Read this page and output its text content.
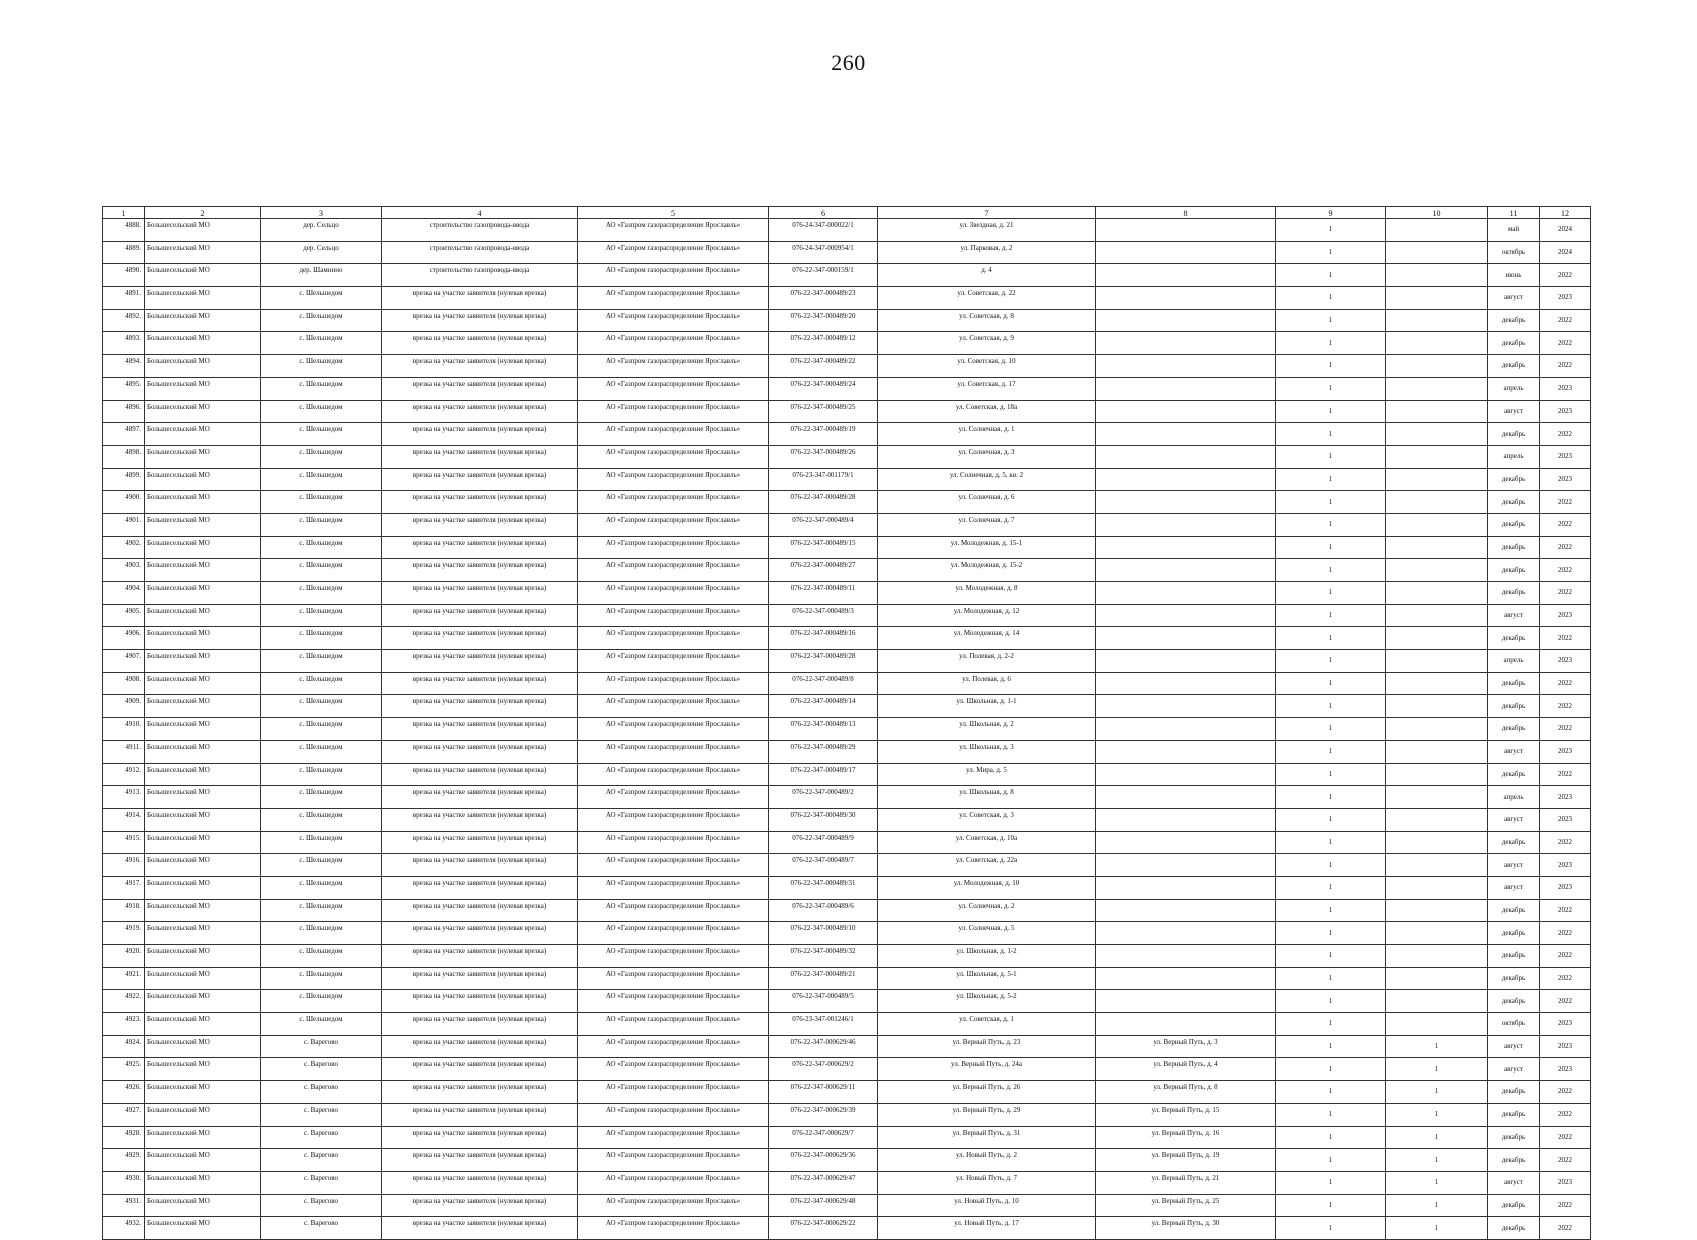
260
1	2	3	4	5	6	7	8	9	10	11	12
4888.	Большесельский МО	дер. Сельцо	строительство газопровода-ввода	АО «Газпром газораспределение Ярославль»	076-24-347-000022/1	ул. Звездная, д. 21		1		май	2024
4889.	Большесельский МО	дер. Сельцо	строительство газопровода-ввода	АО «Газпром газораспределение Ярославль»	076-24-347-000954/1	ул. Парковая, д. 2		1		октябрь	2024
4890.	Большесельский МО	дер. Шамнино	строительство газопровода-ввода	АО «Газпром газораспределение Ярославль»	076-22-347-000159/1	д. 4		1		июнь	2022
4891.	Большесельский МО	с. Шельшедом	врезка на участке заявителя (нулевая врезка)	АО «Газпром газораспределение Ярославль»	076-22-347-000489/23	ул. Советская, д. 22		1		август	2023
4892.	Большесельский МО	с. Шельшедом	врезка на участке заявителя (нулевая врезка)	АО «Газпром газораспределение Ярославль»	076-22-347-000489/20	ул. Советская, д. 8		1		декабрь	2022
4893.	Большесельский МО	с. Шельшедом	врезка на участке заявителя (нулевая врезка)	АО «Газпром газораспределение Ярославль»	076-22-347-000489/12	ул. Советская, д. 9		1		декабрь	2022
4894.	Большесельский МО	с. Шельшедом	врезка на участке заявителя (нулевая врезка)	АО «Газпром газораспределение Ярославль»	076-22-347-000489/22	ул. Советская, д. 10		1		декабрь	2022
4895.	Большесельский МО	с. Шельшедом	врезка на участке заявителя (нулевая врезка)	АО «Газпром газораспределение Ярославль»	076-22-347-000489/24	ул. Советская, д. 17		1		апрель	2023
4896.	Большесельский МО	с. Шельшедом	врезка на участке заявителя (нулевая врезка)	АО «Газпром газораспределение Ярославль»	076-22-347-000489/25	ул. Советская, д. 18а		1		август	2023
4897.	Большесельский МО	с. Шельшедом	врезка на участке заявителя (нулевая врезка)	АО «Газпром газораспределение Ярославль»	076-22-347-000489/19	ул. Солнечная, д. 1		1		декабрь	2022
4898.	Большесельский МО	с. Шельшедом	врезка на участке заявителя (нулевая врезка)	АО «Газпром газораспределение Ярославль»	076-22-347-000489/26	ул. Солнечная, д. 3		1		апрель	2023
4899.	Большесельский МО	с. Шельшедом	врезка на участке заявителя (нулевая врезка)	АО «Газпром газораспределение Ярославль»	076-23-347-001179/1	ул. Солнечная, д. 5, кв. 2		1		декабрь	2023
4900.	Большесельский МО	с. Шельшедом	врезка на участке заявителя (нулевая врезка)	АО «Газпром газораспределение Ярославль»	076-22-347-000489/28	ул. Солнечная, д. 6		1		декабрь	2022
4901.	Большесельский МО	с. Шельшедом	врезка на участке заявителя (нулевая врезка)	АО «Газпром газораспределение Ярославль»	076-22-347-000489/4	ул. Солнечная, д. 7		1		декабрь	2022
4902.	Большесельский МО	с. Шельшедом	врезка на участке заявителя (нулевая врезка)	АО «Газпром газораспределение Ярославль»	076-22-347-000489/15	ул. Молодежная, д. 15-1		1		декабрь	2022
4903.	Большесельский МО	с. Шельшедом	врезка на участке заявителя (нулевая врезка)	АО «Газпром газораспределение Ярославль»	076-22-347-000489/27	ул. Молодежная, д. 15-2		1		декабрь	2022
4904.	Большесельский МО	с. Шельшедом	врезка на участке заявителя (нулевая врезка)	АО «Газпром газораспределение Ярославль»	076-22-347-000489/11	ул. Молодежная, д. 8		1		декабрь	2022
4905.	Большесельский МО	с. Шельшедом	врезка на участке заявителя (нулевая врезка)	АО «Газпром газораспределение Ярославль»	076-22-347-000489/3	ул. Молодежная, д. 12		1		август	2023
4906.	Большесельский МО	с. Шельшедом	врезка на участке заявителя (нулевая врезка)	АО «Газпром газораспределение Ярославль»	076-22-347-000489/16	ул. Молодежная, д. 14		1		декабрь	2022
4907.	Большесельский МО	с. Шельшедом	врезка на участке заявителя (нулевая врезка)	АО «Газпром газораспределение Ярославль»	076-22-347-000489/28	ул. Полевая, д. 2-2		1		апрель	2023
4908.	Большесельский МО	с. Шельшедом	врезка на участке заявителя (нулевая врезка)	АО «Газпром газораспределение Ярославль»	076-22-347-000489/8	ул. Полевая, д. 6		1		декабрь	2022
4909.	Большесельский МО	с. Шельшедом	врезка на участке заявителя (нулевая врезка)	АО «Газпром газораспределение Ярославль»	076-22-347-000489/14	ул. Школьная, д. 1-1		1		декабрь	2022
4910.	Большесельский МО	с. Шельшедом	врезка на участке заявителя (нулевая врезка)	АО «Газпром газораспределение Ярославль»	076-22-347-000489/13	ул. Школьная, д. 2		1		декабрь	2022
4911.	Большесельский МО	с. Шельшедом	врезка на участке заявителя (нулевая врезка)	АО «Газпром газораспределение Ярославль»	076-22-347-000489/29	ул. Школьная, д. 3		1		август	2023
4912.	Большесельский МО	с. Шельшедом	врезка на участке заявителя (нулевая врезка)	АО «Газпром газораспределение Ярославль»	076-22-347-000489/17	ул. Мира, д. 5		1		декабрь	2022
4913.	Большесельский МО	с. Шельшедом	врезка на участке заявителя (нулевая врезка)	АО «Газпром газораспределение Ярославль»	076-22-347-000489/2	ул. Школьная, д. 8		1		апрель	2023
4914.	Большесельский МО	с. Шельшедом	врезка на участке заявителя (нулевая врезка)	АО «Газпром газораспределение Ярославль»	076-22-347-000489/30	ул. Советская, д. 3		1		август	2023
4915.	Большесельский МО	с. Шельшедом	врезка на участке заявителя (нулевая врезка)	АО «Газпром газораспределение Ярославль»	076-22-347-000489/9	ул. Советская, д. 10а		1		декабрь	2022
4916.	Большесельский МО	с. Шельшедом	врезка на участке заявителя (нулевая врезка)	АО «Газпром газораспределение Ярославль»	076-22-347-000489/7	ул. Советская, д. 22а		1		август	2023
4917.	Большесельский МО	с. Шельшедом	врезка на участке заявителя (нулевая врезка)	АО «Газпром газораспределение Ярославль»	076-22-347-000489/31	ул. Молодежная, д. 10		1		август	2023
4918.	Большесельский МО	с. Шельшедом	врезка на участке заявителя (нулевая врезка)	АО «Газпром газораспределение Ярославль»	076-22-347-000489/6	ул. Солнечная, д. 2		1		декабрь	2022
4919.	Большесельский МО	с. Шельшедом	врезка на участке заявителя (нулевая врезка)	АО «Газпром газораспределение Ярославль»	076-22-347-000489/10	ул. Солнечная, д. 5		1		декабрь	2022
4920.	Большесельский МО	с. Шельшедом	врезка на участке заявителя (нулевая врезка)	АО «Газпром газораспределение Ярославль»	076-22-347-000489/32	ул. Школьная, д. 1-2		1		декабрь	2022
4921.	Большесельский МО	с. Шельшедом	врезка на участке заявителя (нулевая врезка)	АО «Газпром газораспределение Ярославль»	076-22-347-000489/21	ул. Школьная, д. 5-1		1		декабрь	2022
4922.	Большесельский МО	с. Шельшедом	врезка на участке заявителя (нулевая врезка)	АО «Газпром газораспределение Ярославль»	076-22-347-000489/5	ул. Школьная, д. 5-2		1		декабрь	2022
4923.	Большесельский МО	с. Шельшедом	врезка на участке заявителя (нулевая врезка)	АО «Газпром газораспределение Ярославль»	076-23-347-001246/1	ул. Советская, д. 1		1		октябрь	2023
4924.	Большесельский МО	с. Варегово	врезка на участке заявителя (нулевая врезка)	АО «Газпром газораспределение Ярославль»	076-22-347-000629/46	ул. Верный Путь, д. 23	ул. Верный Путь, д. 3	1	1	август	2023
4925.	Большесельский МО	с. Варегово	врезка на участке заявителя (нулевая врезка)	АО «Газпром газораспределение Ярославль»	076-22-347-000629/2	ул. Верный Путь, д. 24а	ул. Верный Путь, д. 4	1	1	август	2023
4926.	Большесельский МО	с. Варегово	врезка на участке заявителя (нулевая врезка)	АО «Газпром газораспределение Ярославль»	076-22-347-000629/11	ул. Верный Путь, д. 26	ул. Верный Путь, д. 8	1	1	декабрь	2022
4927.	Большесельский МО	с. Варегово	врезка на участке заявителя (нулевая врезка)	АО «Газпром газораспределение Ярославль»	076-22-347-000629/39	ул. Верный Путь, д. 29	ул. Верный Путь, д. 15	1	1	декабрь	2022
4928.	Большесельский МО	с. Варегово	врезка на участке заявителя (нулевая врезка)	АО «Газпром газораспределение Ярославль»	076-22-347-000629/7	ул. Верный Путь, д. 31	ул. Верный Путь, д. 16	1	1	декабрь	2022
4929.	Большесельский МО	с. Варегово	врезка на участке заявителя (нулевая врезка)	АО «Газпром газораспределение Ярославль»	076-22-347-000629/36	ул. Новый Путь, д. 2	ул. Верный Путь, д. 19	1	1	декабрь	2022
4930.	Большесельский МО	с. Варегово	врезка на участке заявителя (нулевая врезка)	АО «Газпром газораспределение Ярославль»	076-22-347-000629/47	ул. Новый Путь, д. 7	ул. Верный Путь, д. 21	1	1	август	2023
4931.	Большесельский МО	с. Варегово	врезка на участке заявителя (нулевая врезка)	АО «Газпром газораспределение Ярославль»	076-22-347-000629/48	ул. Новый Путь, д. 10	ул. Верный Путь, д. 25	1	1	декабрь	2022
4932.	Большесельский МО	с. Варегово	врезка на участке заявителя (нулевая врезка)	АО «Газпром газораспределение Ярославль»	076-22-347-000629/22	ул. Новый Путь, д. 17	ул. Верный Путь, д. 30	1	1	декабрь	2022
